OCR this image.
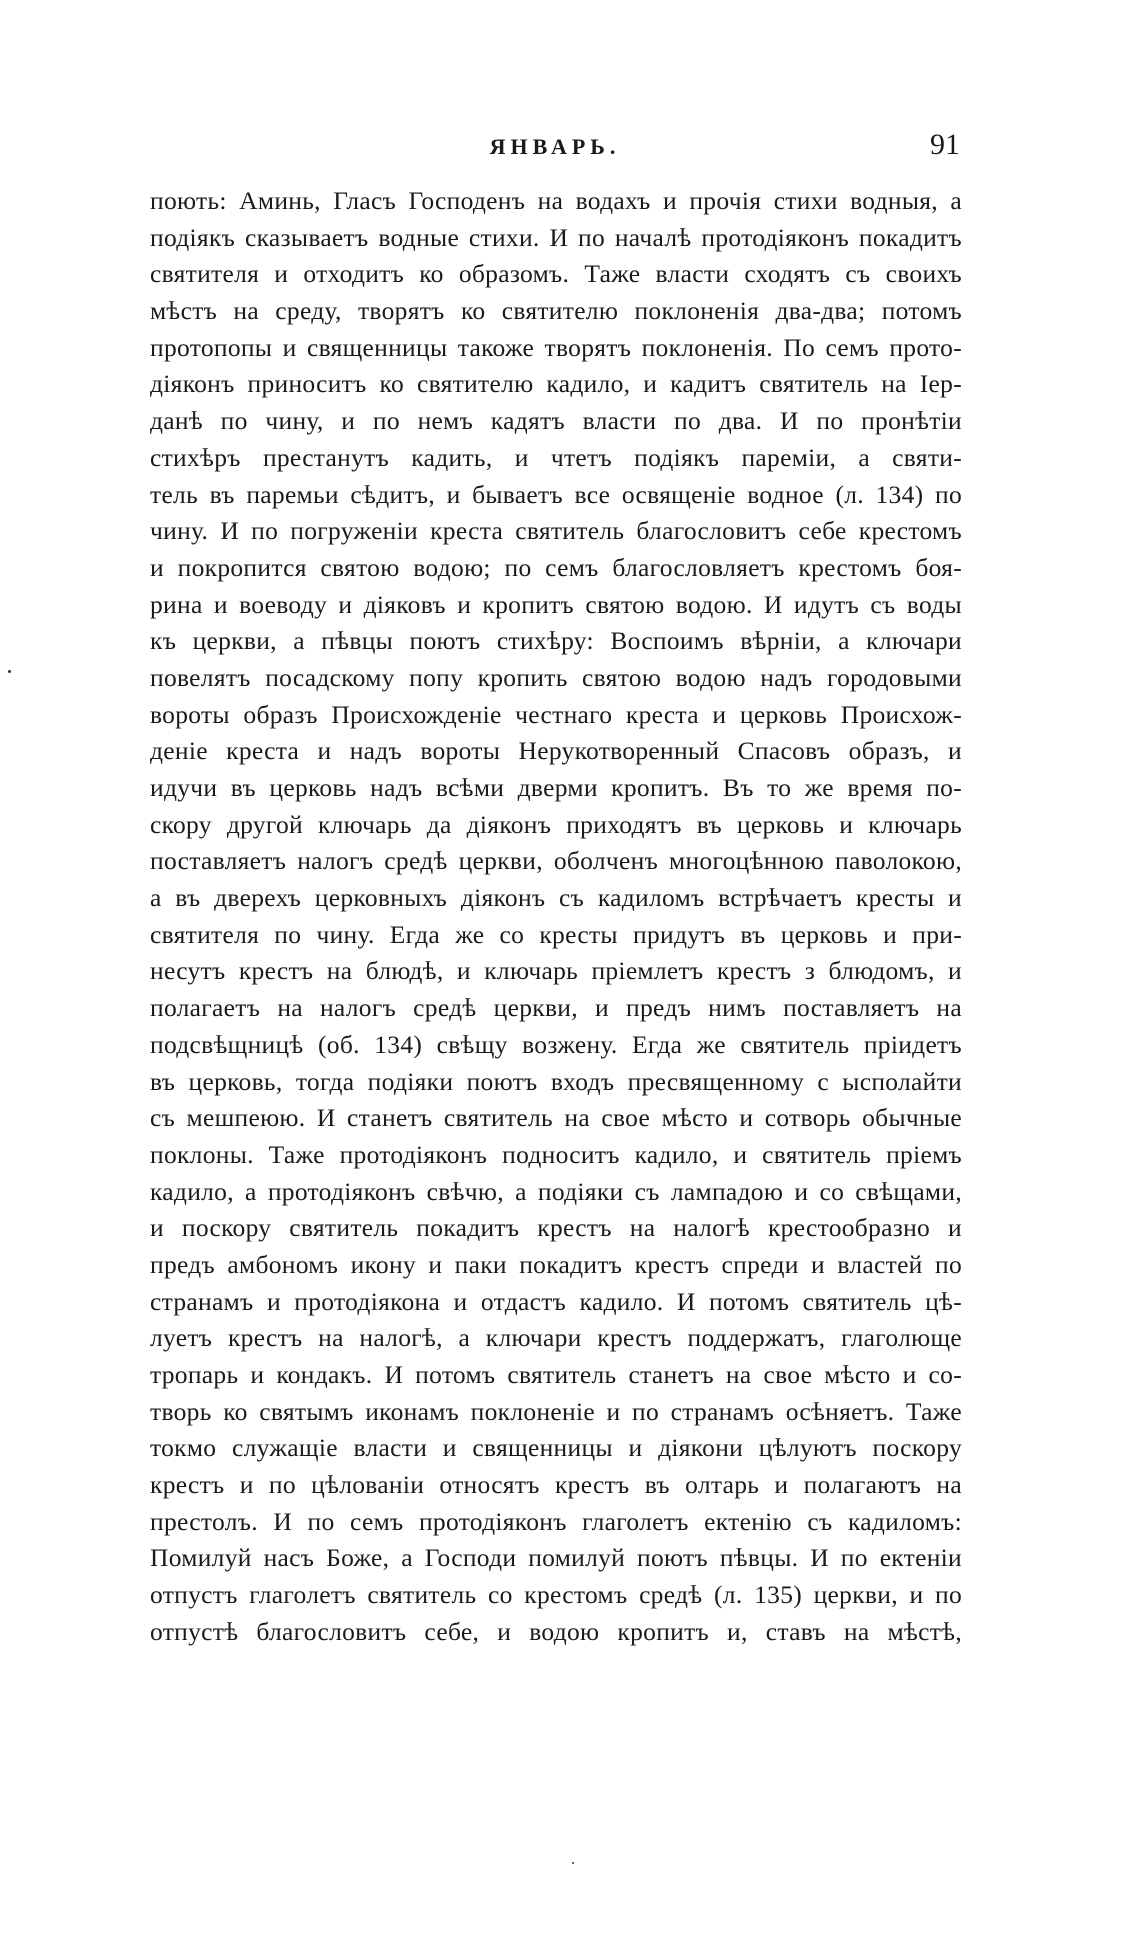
ЯНВАРЬ.	91
поють: Аминь, Гласъ Господенъ на водахъ и прочія стихи водныя, а
подіякъ сказываетъ водные стихи. И по началѣ протодіяконъ покадитъ
святителя и отходитъ ко образомъ. Таже власти сходятъ съ своихъ
мѣстъ на среду, творятъ ко святителю поклоненія два-два; потомъ
протопопы и священницы такоже творятъ поклоненія. По семъ прото-
діяконъ приноситъ ко святителю кадило, и кадитъ святитель на Іер-
данѣ по чину, и по немъ кадятъ власти по два. И по пронѣтіи
стихѣръ престанутъ кадить, и чтетъ подіякъ пареміи, а святи-
тель въ паремьи сѣдитъ, и бываетъ все освященіе водное (л. 134) по
чину. И по погруженіи креста святитель благословитъ себе крестомъ
и покропится святою водою; по семъ благословляетъ крестомъ боя-
рина и воеводу и діяковъ и кропитъ святою водою. И идутъ съ воды
къ церкви, а пѣвцы поютъ стихѣру: Воспоимъ вѣрніи, а ключари
повелятъ посадскому попу кропить святою водою надъ городовыми
вороты образъ Происхожденіе честнаго креста и церковь Происхож-
деніе креста и надъ вороты Нерукотворенный Спасовъ образъ, и
идучи въ церковь надъ всѣми дверми кропитъ. Въ то же время по-
скору другой ключарь да діяконъ приходятъ въ церковь и ключарь
поставляетъ налогъ средѣ церкви, оболченъ многоцѣнною паволокою,
а въ дверехъ церковныхъ діяконъ съ кадиломъ встрѣчаетъ кресты и
святителя по чину. Егда же со кресты придутъ въ церковь и при-
несутъ крестъ на блюдѣ, и ключарь пріемлетъ крестъ з блюдомъ, и
полагаетъ на налогъ средѣ церкви, и предъ нимъ поставляетъ на
подсвѣщницѣ (об. 134) свѣщу возжену. Егда же святитель пріидетъ
въ церковь, тогда подіяки поютъ входъ пресвященному с ысполайти
съ мешпеюю. И станетъ святитель на свое мѣсто и сотворь обычные
поклоны. Таже протодіяконъ подноситъ кадило, и святитель пріемъ
кадило, а протодіяконъ свѣчю, а подіяки съ лампадою и со свѣщами,
и поскору святитель покадитъ крестъ на налогѣ крестообразно и
предъ амбономъ икону и паки покадитъ крестъ спреди и властей по
странамъ и протодіякона и отдастъ кадило. И потомъ святитель цѣ-
луетъ крестъ на налогѣ, а ключари крестъ поддержатъ, глаголюще
тропарь и кондакъ. И потомъ святитель станетъ на свое мѣсто и со-
творь ко святымъ иконамъ поклоненіе и по странамъ осѣняетъ. Таже
токмо служащіе власти и священницы и діякони цѣлуютъ поскору
крестъ и по цѣлованіи относятъ крестъ въ олтарь и полагаютъ на
престолъ. И по семъ протодіяконъ глаголетъ ектенію съ кадиломъ:
Помилуй насъ Боже, а Господи помилуй поютъ пѣвцы. И по ектеніи
отпустъ глаголетъ святитель со крестомъ средѣ (л. 135) церкви, и по
отпустѣ благословитъ себе, и водою кропитъ и, ставъ на мѣстѣ,
